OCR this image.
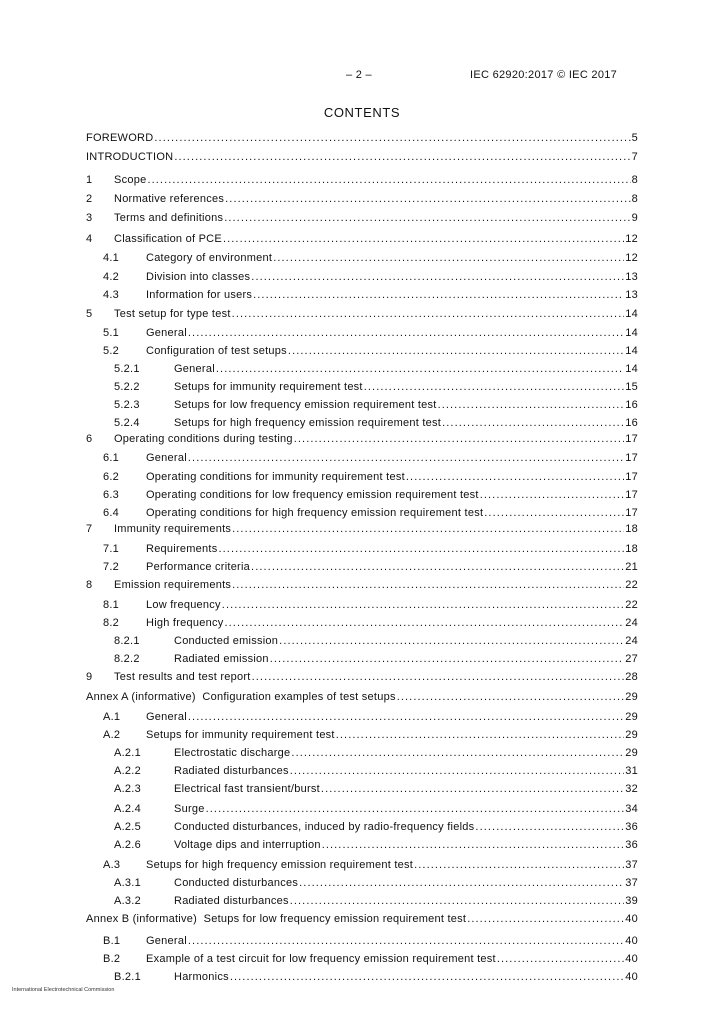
– 2 –	IEC 62920:2017 © IEC 2017
CONTENTS
FOREWORD .....	5
INTRODUCTION .....	7
1	Scope .....	8
2	Normative references .....	8
3	Terms and definitions .....	9
4	Classification of PCE .....	12
4.1	Category of environment .....	12
4.2	Division into classes .....	13
4.3	Information for users .....	13
5	Test setup for type test .....	14
5.1	General .....	14
5.2	Configuration of test setups .....	14
5.2.1	General .....	14
5.2.2	Setups for immunity requirement test .....	15
5.2.3	Setups for low frequency emission requirement test .....	16
5.2.4	Setups for high frequency emission requirement test .....	16
6	Operating conditions during testing .....	17
6.1	General .....	17
6.2	Operating conditions for immunity requirement test .....	17
6.3	Operating conditions for low frequency emission requirement test .....	17
6.4	Operating conditions for high frequency emission requirement test .....	17
7	Immunity requirements .....	18
7.1	Requirements .....	18
7.2	Performance criteria .....	21
8	Emission requirements .....	22
8.1	Low frequency .....	22
8.2	High frequency .....	24
8.2.1	Conducted emission .....	24
8.2.2	Radiated emission .....	27
9	Test results and test report .....	28
Annex A (informative)  Configuration examples of test setups .....	29
A.1	General .....	29
A.2	Setups for immunity requirement test .....	29
A.2.1	Electrostatic discharge .....	29
A.2.2	Radiated disturbances .....	31
A.2.3	Electrical fast transient/burst .....	32
A.2.4	Surge .....	34
A.2.5	Conducted disturbances, induced by radio-frequency fields .....	36
A.2.6	Voltage dips and interruption .....	36
A.3	Setups for high frequency emission requirement test .....	37
A.3.1	Conducted disturbances .....	37
A.3.2	Radiated disturbances .....	39
Annex B (informative)  Setups for low frequency emission requirement test .....	40
B.1	General .....	40
B.2	Example of a test circuit for low frequency emission requirement test .....	40
B.2.1	Harmonics .....	40
International Electrotechnical Commission
